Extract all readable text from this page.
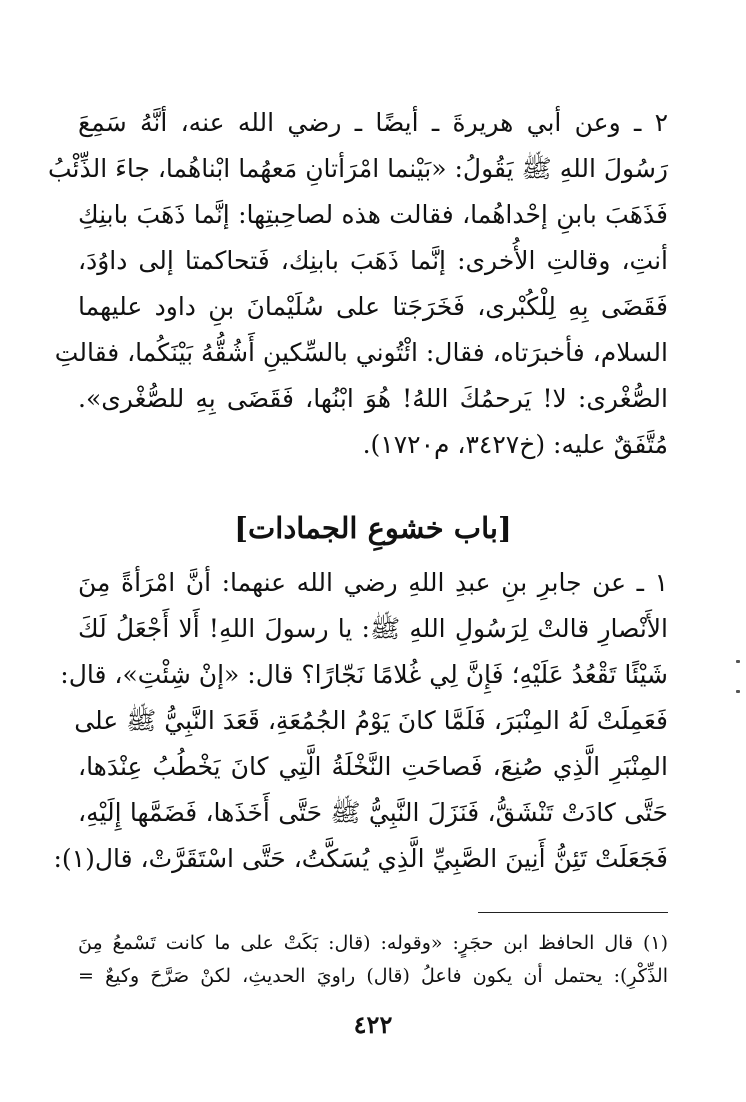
٢ ـ وعن أبي هريرةَ ـ أيضًا ـ رضي الله عنه، أنَّهُ سَمِعَ
رَسُولَ اللهِ ﷺ يَقُولُ: «بَيْنما امْرَأتانِ مَعهُما ابْناهُما، جاءَ الذِّئْبُ
فَذَهَبَ بابنِ إحْداهُما، فقالت هذه لصاحِبتِها: إنَّما ذَهَبَ بابنِكِ
أنتِ، وقالتِ الأُخرى: إنَّما ذَهَبَ بابنِك، فَتحاكمتا إلى داوُدَ،
فَقَضَى بِهِ لِلْكُبْرى، فَخَرَجَتا على سُلَيْمانَ بنِ داود عليهما
السلام، فأخبرَتاه، فقال: ائْتُوني بالسِّكينِ أَشُقُّهُ بَيْنَكُما، فقالتِ
الصُّغْرى: لا! يَرحمُكَ اللهُ! هُوَ ابْنُها، فَقَضَى بِهِ للصُّغْرى».
مُتَّفَقٌ عليه: (خ٣٤٢٧، م١٧٢٠).
[باب خشوعِ الجمادات]
١ ـ عن جابرِ بنِ عبدِ اللهِ رضي الله عنهما: أنَّ امْرَأةً مِنَ
الأَنْصارِ قالتْ لِرَسُولِ اللهِ ﷺ: يا رسولَ اللهِ! أَلا أَجْعَلُ لَكَ
شَيْئًا تَقْعُدُ عَلَيْهِ؛ فَإِنَّ لِي غُلامًا نَجّارًا؟ قال: «إنْ شِئْتِ»، قال:
فَعَمِلَتْ لَهُ المِنْبَرَ، فَلَمَّا كانَ يَوْمُ الجُمُعَةِ، قَعَدَ النَّبِيُّ ﷺ على
المِنْبَرِ الَّذِي صُنِعَ، فَصاحَتِ النَّخْلَةُ الَّتِي كانَ يَخْطُبُ عِنْدَها،
حَتَّى كادَتْ تَنْشَقُّ، فَنَزَلَ النَّبِيُّ ﷺ حَتَّى أَخَذَها، فَضَمَّها إِلَيْهِ،
فَجَعَلَتْ تَئِنُّ أَنِينَ الصَّبِيِّ الَّذِي يُسَكَّتُ، حَتَّى اسْتَقَرَّتْ، قال(١):
(١) قال الحافظ ابن حجَرٍ: «وقوله: (قال: بَكَتْ على ما كانت تَسْمعُ مِنَ
الذِّكْرِ): يحتمل أن يكون فاعلُ (قال) راويَ الحديثِ، لكنْ صَرَّحَ وكيعٌ =
٤٢٢
